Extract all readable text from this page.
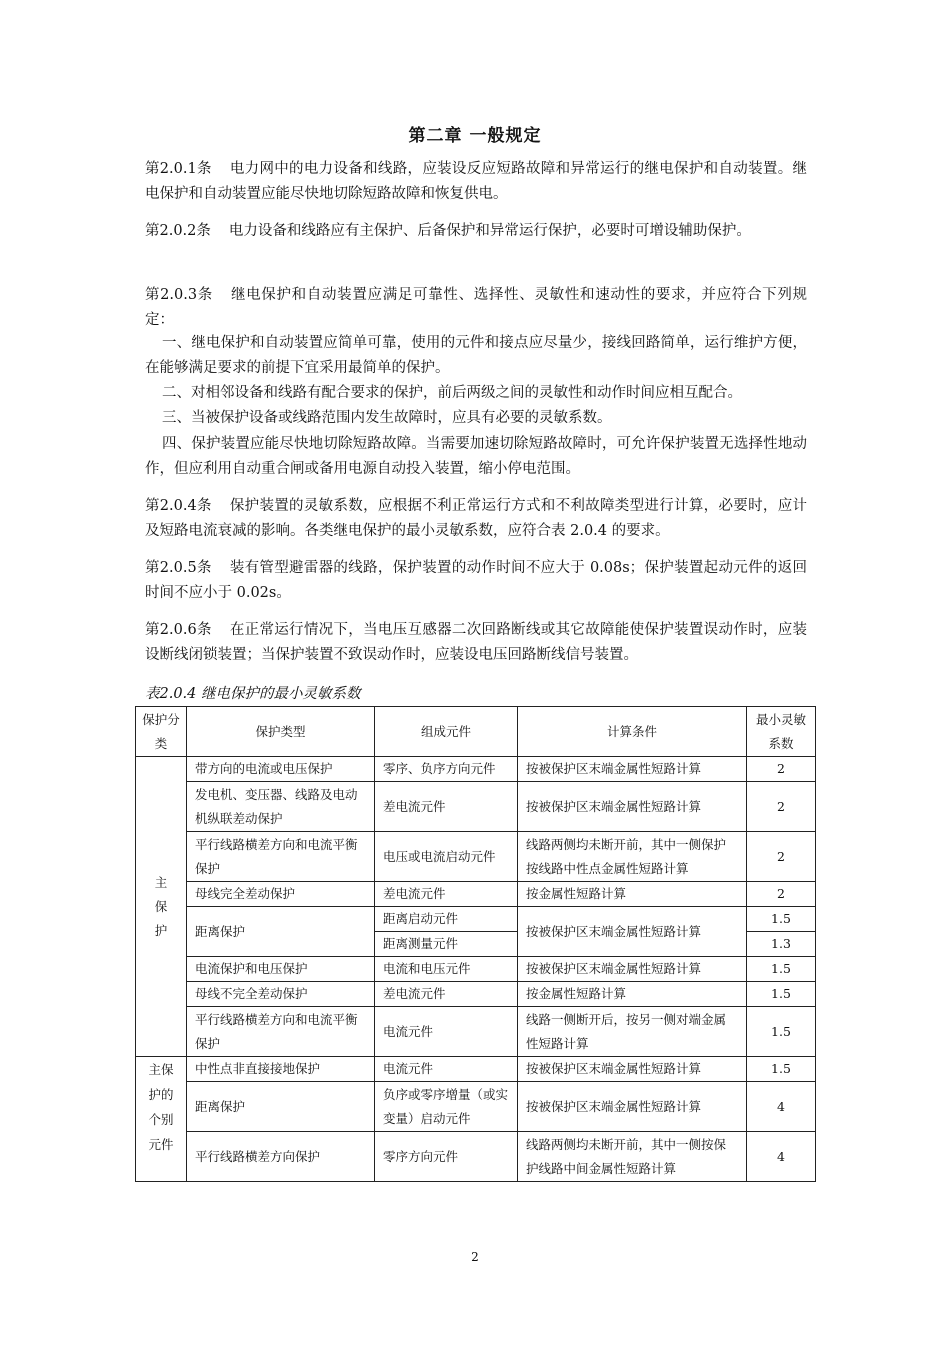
第二章 一般规定
第2.0.1条 电力网中的电力设备和线路，应装设反应短路故障和异常运行的继电保护和自动装置。继电保护和自动装置应能尽快地切除短路故障和恢复供电。
第2.0.2条 电力设备和线路应有主保护、后备保护和异常运行保护，必要时可增设辅助保护。
第2.0.3条 继电保护和自动装置应满足可靠性、选择性、灵敏性和速动性的要求，并应符合下列规定：
一、继电保护和自动装置应简单可靠，使用的元件和接点应尽量少，接线回路简单，运行维护方便，在能够满足要求的前提下宜采用最简单的保护。
二、对相邻设备和线路有配合要求的保护，前后两级之间的灵敏性和动作时间应相互配合。
三、当被保护设备或线路范围内发生故障时，应具有必要的灵敏系数。
四、保护装置应能尽快地切除短路故障。当需要加速切除短路故障时，可允许保护装置无选择性地动作，但应利用自动重合闸或备用电源自动投入装置，缩小停电范围。
第2.0.4条 保护装置的灵敏系数，应根据不利正常运行方式和不利故障类型进行计算，必要时，应计及短路电流衰减的影响。各类继电保护的最小灵敏系数，应符合表 2.0.4 的要求。
第2.0.5条 装有管型避雷器的线路，保护装置的动作时间不应大于 0.08s；保护装置起动元件的返回时间不应小于 0.02s。
第2.0.6条 在正常运行情况下，当电压互感器二次回路断线或其它故障能使保护装置误动作时，应装设断线闭锁装置；当保护装置不致误动作时，应装设电压回路断线信号装置。
表2.0.4 继电保护的最小灵敏系数
保护分类	保护类型	组成元件	计算条件	最小灵敏系数
主保护	带方向的电流或电压保护	零序、负序方向元件	按被保护区末端金属性短路计算	2
	发电机、变压器、线路及电动机纵联差动保护	差电流元件	按被保护区末端金属性短路计算	2
	平行线路横差方向和电流平衡保护	电压或电流启动元件	线路两侧均未断开前，其中一侧保护按线路中性点金属性短路计算	2
	母线完全差动保护	差电流元件	按金属性短路计算	2
	距离保护	距离启动元件	按被保护区末端金属性短路计算	1.5
		距离测量元件		1.3
	电流保护和电压保护	电流和电压元件	按被保护区末端金属性短路计算	1.5
	母线不完全差动保护	差电流元件	按金属性短路计算	1.5
	平行线路横差方向和电流平衡保护	电流元件	线路一侧断开后，按另一侧对端金属性短路计算	1.5
主保护的个别元件	中性点非直接接地保护	电流元件	按被保护区末端金属性短路计算	1.5
	距离保护	负序或零序增量（或实变量）启动元件	按被保护区末端金属性短路计算	4
	平行线路横差方向保护	零序方向元件	线路两侧均未断开前，其中一侧按保护线路中间金属性短路计算	4
2
